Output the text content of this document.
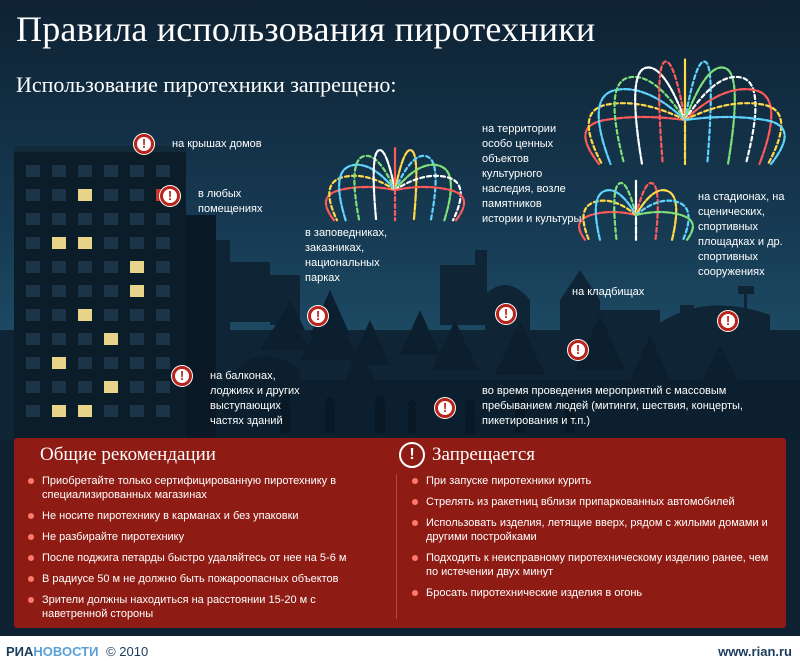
Правила использования пиротехники
Использование пиротехники запрещено:
!	на крышах домов
!	в любых помещениях
!	на балконах, лоджиях и других выступающих частях зданий
в заповедниках, заказниках, национальных парках
!
на территории особо ценных объектов культурного наследия, возле памятников истории и культуры
!
на кладбищах
!
на стадионах, на сценических, спортивных площадках и др. спортивных сооружениях
!
!
во время проведения мероприятий с массовым пребыванием людей (митинги, шествия, концерты, пикетирования и т.п.)
Общие рекомендации
Приобретайте только сертифицированную пиротехнику в специализированных магазинах
Не носите пиротехнику в карманах и без упаковки
Не разбирайте пиротехнику
После поджига петарды быстро удаляйтесь от нее на 5-6 м
В радиусе 50 м не должно быть пожароопасных объектов
Зрители должны находиться на расстоянии 15-20 м с наветренной стороны
! Запрещается
При запуске пиротехники курить
Стрелять из ракетниц вблизи припаркованных автомобилей
Использовать изделия, летящие вверх, рядом с жилыми домами и другими постройками
Подходить к неисправному пиротехническому изделию ранее, чем по истечении двух минут
Бросать пиротехнические изделия в огонь
РИАНОВОСТИ © 2010	www.rian.ru
